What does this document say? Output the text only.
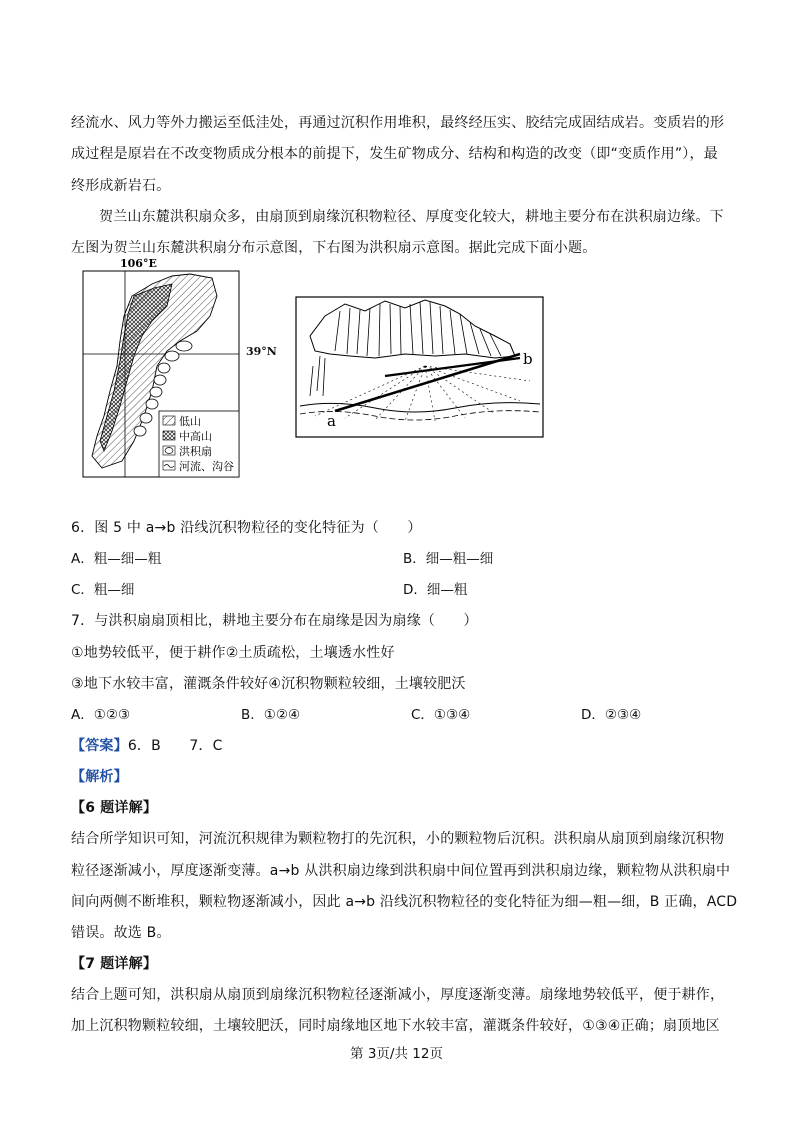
经流水、风力等外力搬运至低洼处，再通过沉积作用堆积，最终经压实、胶结完成固结成岩。变质岩的形
成过程是原岩在不改变物质成分根本的前提下，发生矿物成分、结构和构造的改变（即“变质作用”），最
终形成新岩石。
贺兰山东麓洪积扇众多，由扇顶到扇缘沉积物粒径、厚度变化较大，耕地主要分布在洪积扇边缘。下
左图为贺兰山东麓洪积扇分布示意图，下右图为洪积扇示意图。据此完成下面小题。
106°E
低山
中高山
洪积扇
河流、沟谷
39°N
a
b
6．图 5 中 a→b 沿线沉积物粒径的变化特征为（　　）
A．粗—细—粗	B．细—粗—细
C．粗—细	D．细—粗
7．与洪积扇扇顶相比，耕地主要分布在扇缘是因为扇缘（　　）
①地势较低平，便于耕作②土质疏松，土壤透水性好
③地下水较丰富，灌溉条件较好④沉积物颗粒较细，土壤较肥沃
A．①②③	B．①②④	C．①③④	D．②③④
【答案】6．B　　7．C
【解析】
【6 题详解】
结合所学知识可知，河流沉积规律为颗粒物打的先沉积，小的颗粒物后沉积。洪积扇从扇顶到扇缘沉积物
粒径逐渐减小，厚度逐渐变薄。a→b 从洪积扇边缘到洪积扇中间位置再到洪积扇边缘，颗粒物从洪积扇中
间向两侧不断堆积，颗粒物逐渐减小，因此 a→b 沿线沉积物粒径的变化特征为细—粗—细，B 正确，ACD
错误。故选 B。
【7 题详解】
结合上题可知，洪积扇从扇顶到扇缘沉积物粒径逐渐减小，厚度逐渐变薄。扇缘地势较低平，便于耕作，
加上沉积物颗粒较细，土壤较肥沃，同时扇缘地区地下水较丰富，灌溉条件较好，①③④正确；扇顶地区
第 3页/共 12页
